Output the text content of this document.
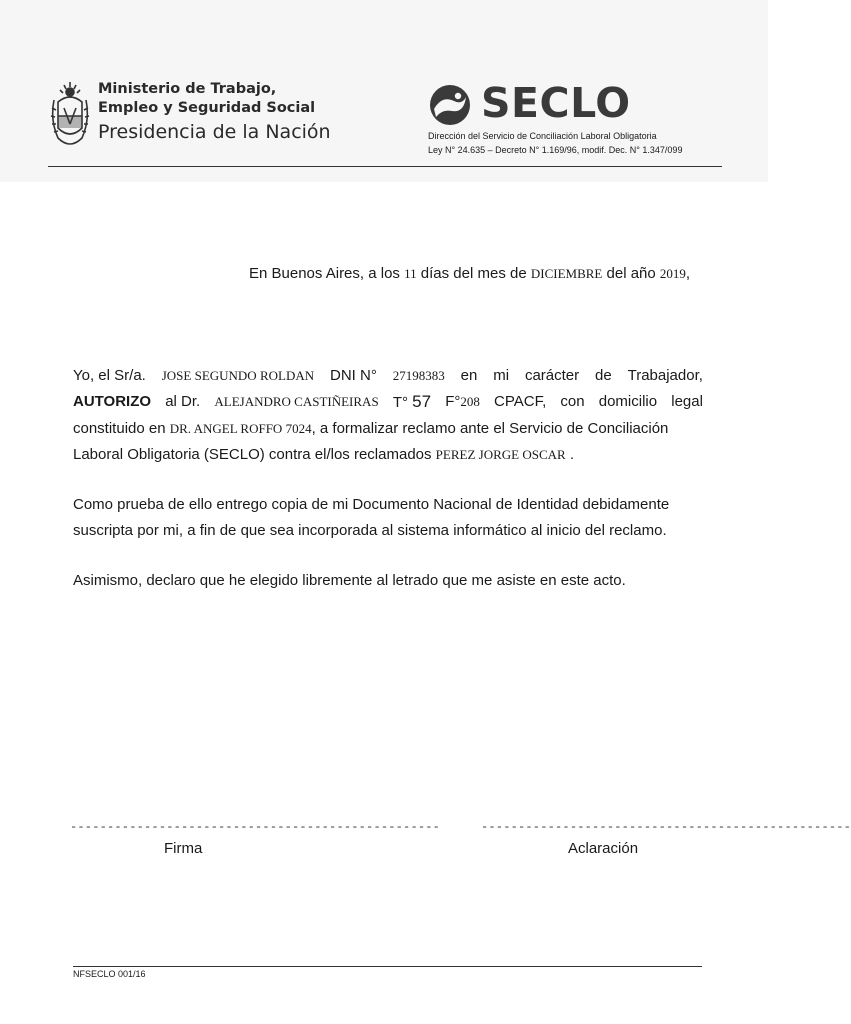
Ministerio de Trabajo,
Empleo y Seguridad Social
Presidencia de la Nación
SECLO
Dirección del Servicio de Conciliación Laboral Obligatoria
Ley N° 24.635 – Decreto N° 1.169/96, modif. Dec. N° 1.347/099
En Buenos Aires, a los 11 días del mes de DICIEMBRE del año 2019,
Yo, el Sr/a. JOSE SEGUNDO ROLDAN DNI N° 27198383 en mi carácter de Trabajador,
AUTORIZO al Dr. ALEJANDRO CASTIÑEIRAS T° 57 F°208 CPACF, con domicilio legal
constituido en DR. ANGEL ROFFO 7024, a formalizar reclamo ante el Servicio de Conciliación
Laboral Obligatoria (SECLO) contra el/los reclamados PEREZ JORGE OSCAR .
Como prueba de ello entrego copia de mi Documento Nacional de Identidad debidamente
suscripta por mi, a fin de que sea incorporada al sistema informático al inicio del reclamo.
Asimismo, declaro que he elegido libremente al letrado que me asiste en este acto.
--------------------------------------------------	--------------------------------------------------
Firma	Aclaración
NFSECLO 001/16
